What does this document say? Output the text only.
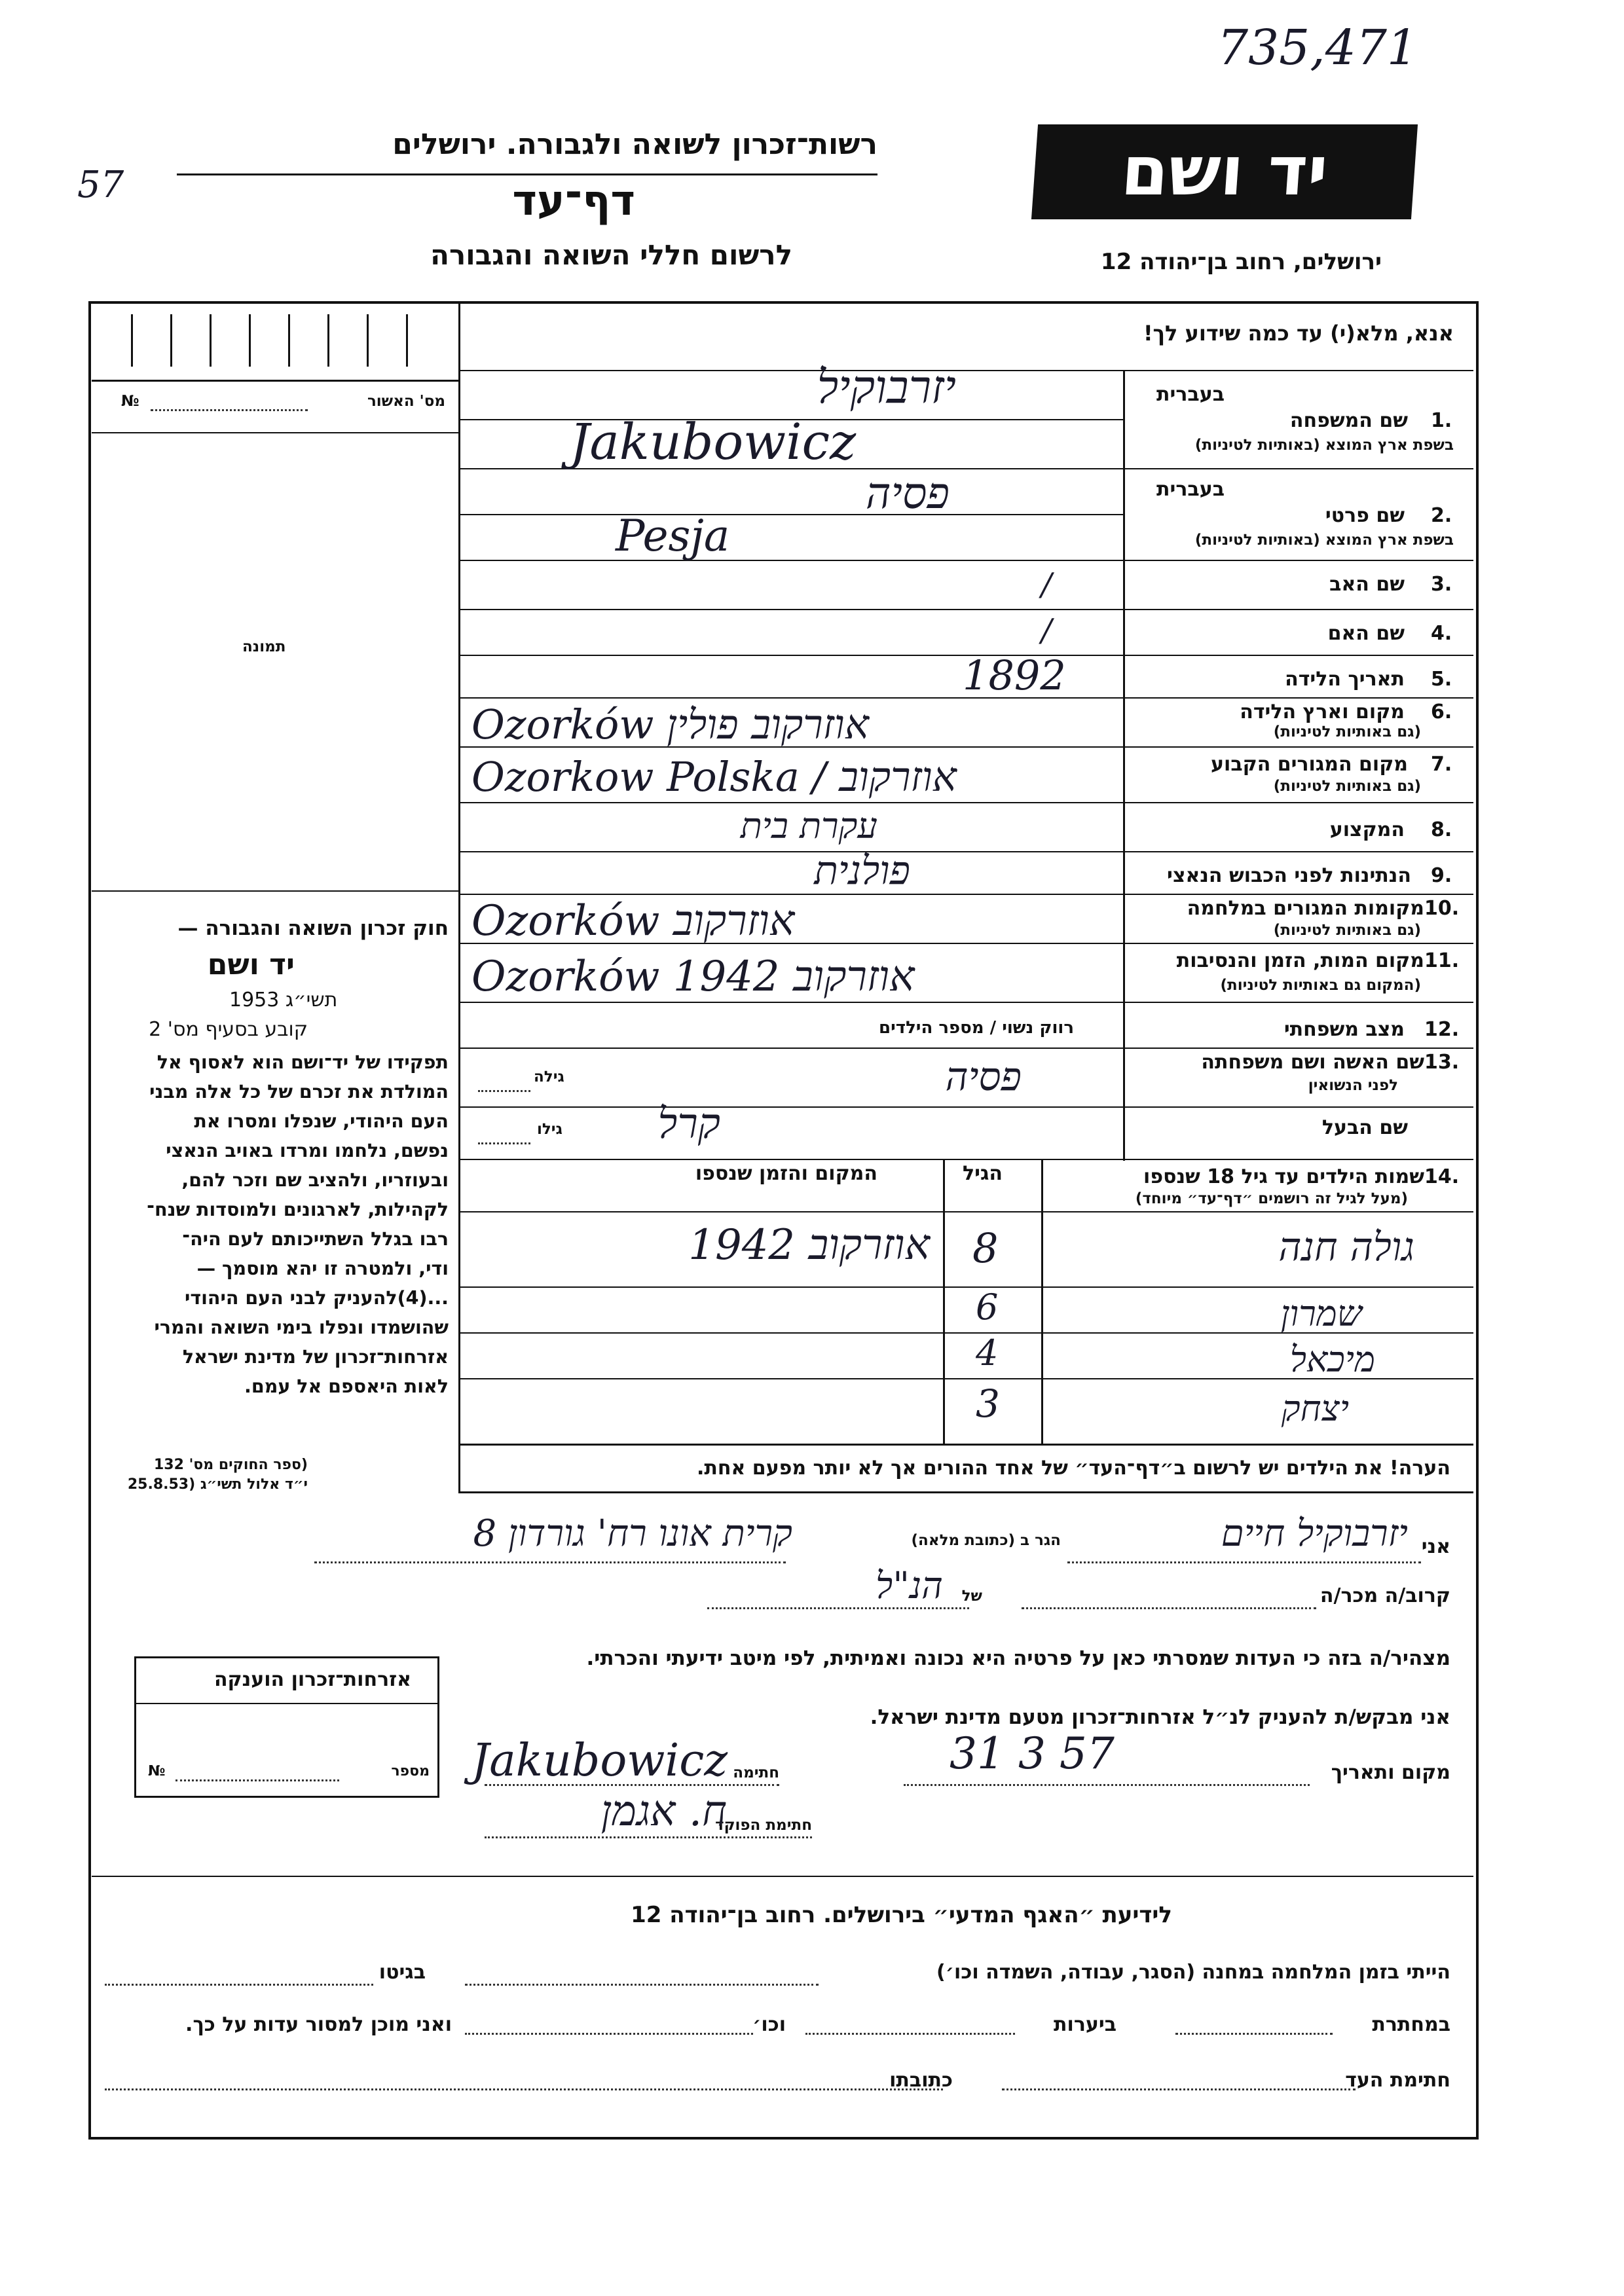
735,471
57
רשות־זכרון לשואה ולגבורה. ירושלים
דף־עד
לרשום חללי השואה והגבורה
יד ושם
ירושלים, רחוב בן־יהודה 12
אנא, מלא(י) עד כמה שידוע לך!
מס' האשור
№
תמונה
חוק זכרון השואה והגבורה —
יד ושם
תשי״ג 1953
קובע בסעיף מס' 2
תפקידו של יד־ושם הוא לאסוף אל
המולדת את זכרם של כל אלה מבני
העם היהודי, שנפלו ומסרו את
נפשם, נלחמו ומרדו באויב הנאצי
ובעוזריו, ולהציב שם וזכר להם,
לקהילות, לארגונים ולמוסדות שנח־
רבו בגלל השתייכותם לעם היה־
ודי, ולמטרה זו יהא מוסמך —
...(4)להעניק לבני העם היהודי
שהושמדו ונפלו בימי השואה והמרי
אזרחות־זכרון של מדינת ישראל
לאות היאספם אל עמם.
(ספר החוקים מס' 132
י״ד אלול תשי״ג (25.8.53
בעברית
שם המשפחה 1.
בשפת ארץ המוצא (באותיות לטיניות)
יזרבוקיל
Jakubowicz
בעברית
שם פרטי 2.
בשפת ארץ המוצא (באותיות לטיניות)
פסיה
Pesja
שם האב 3.
/
שם האם 4.
/
תאריך הלידה 5.
1892
מקום וארץ הלידה 6.
(גם באותיות לטיניות)
Ozorków אוזרקוב פולין
מקום המגורים הקבוע 7.
(גם באותיות לטיניות)
Ozorkow Polska / אוזרקוב
המקצוע 8.
עקרת בית
הנתינות לפני הכבוש הנאצי 9.
פולנית
מקומות המגורים במלחמה 10.
(גם באותיות לטיניות)
Ozorków אוזרקוב
מקום המות, הזמן והנסיבות 11.
(המקום גם באותיות לטיניות)
Ozorków 1942 אוזרקוב
מצב משפחתי 12.
רווק נשוי / מספר הילדים
שם האשה ושם משפחתה 13.
לפני הנשואין
גילה	פסיה
שם הבעל
גילו קרל
14.
שמות הילדים עד גיל 18 שנספו
(מעל לגיל זה רושמים ״דף־עד״ מיוחד)
הגיל
המקום והזמן שנספו
גולה חנה
8
אוזרקוב 1942
שמרון
6
מיכאל
4
יצחק
3
הערה! את הילדים יש לרשום ב״דף־העד״ של אחד ההורים אך לא יותר מפעם אחת.
אני
יזרבוקיל חיים
הגר ב (כתובת מלאה)
קרית אונו רח' גורדון 8
קרוב/ה מכר/ה
של
הנ"ל
מצהיר/ה בזה כי העדות שמסרתי כאן על פרטיה היא נכונה ואמיתית, לפי מיטב ידיעתי והכרתי.
אני מבקש/ת להעניק לנ״ל אזרחות־זכרון מטעם מדינת ישראל.
מקום ותאריך
31 3 57
חתימה
Jakubowicz
חתימת הפוקד
ח. אגמן
אזרחות־זכרון הוענקה
מספר
№
לידיעת ״האגף המדעי״ בירושלים. רחוב בן־יהודה 12
הייתי בזמן המלחמה במחנה (הסגר, עבודה, השמדה וכו׳)
בגיטו
במחתרת
ביערות
וכו׳
ואני מוכן למסור עדות על כך.
חתימת העד
כתובתו
